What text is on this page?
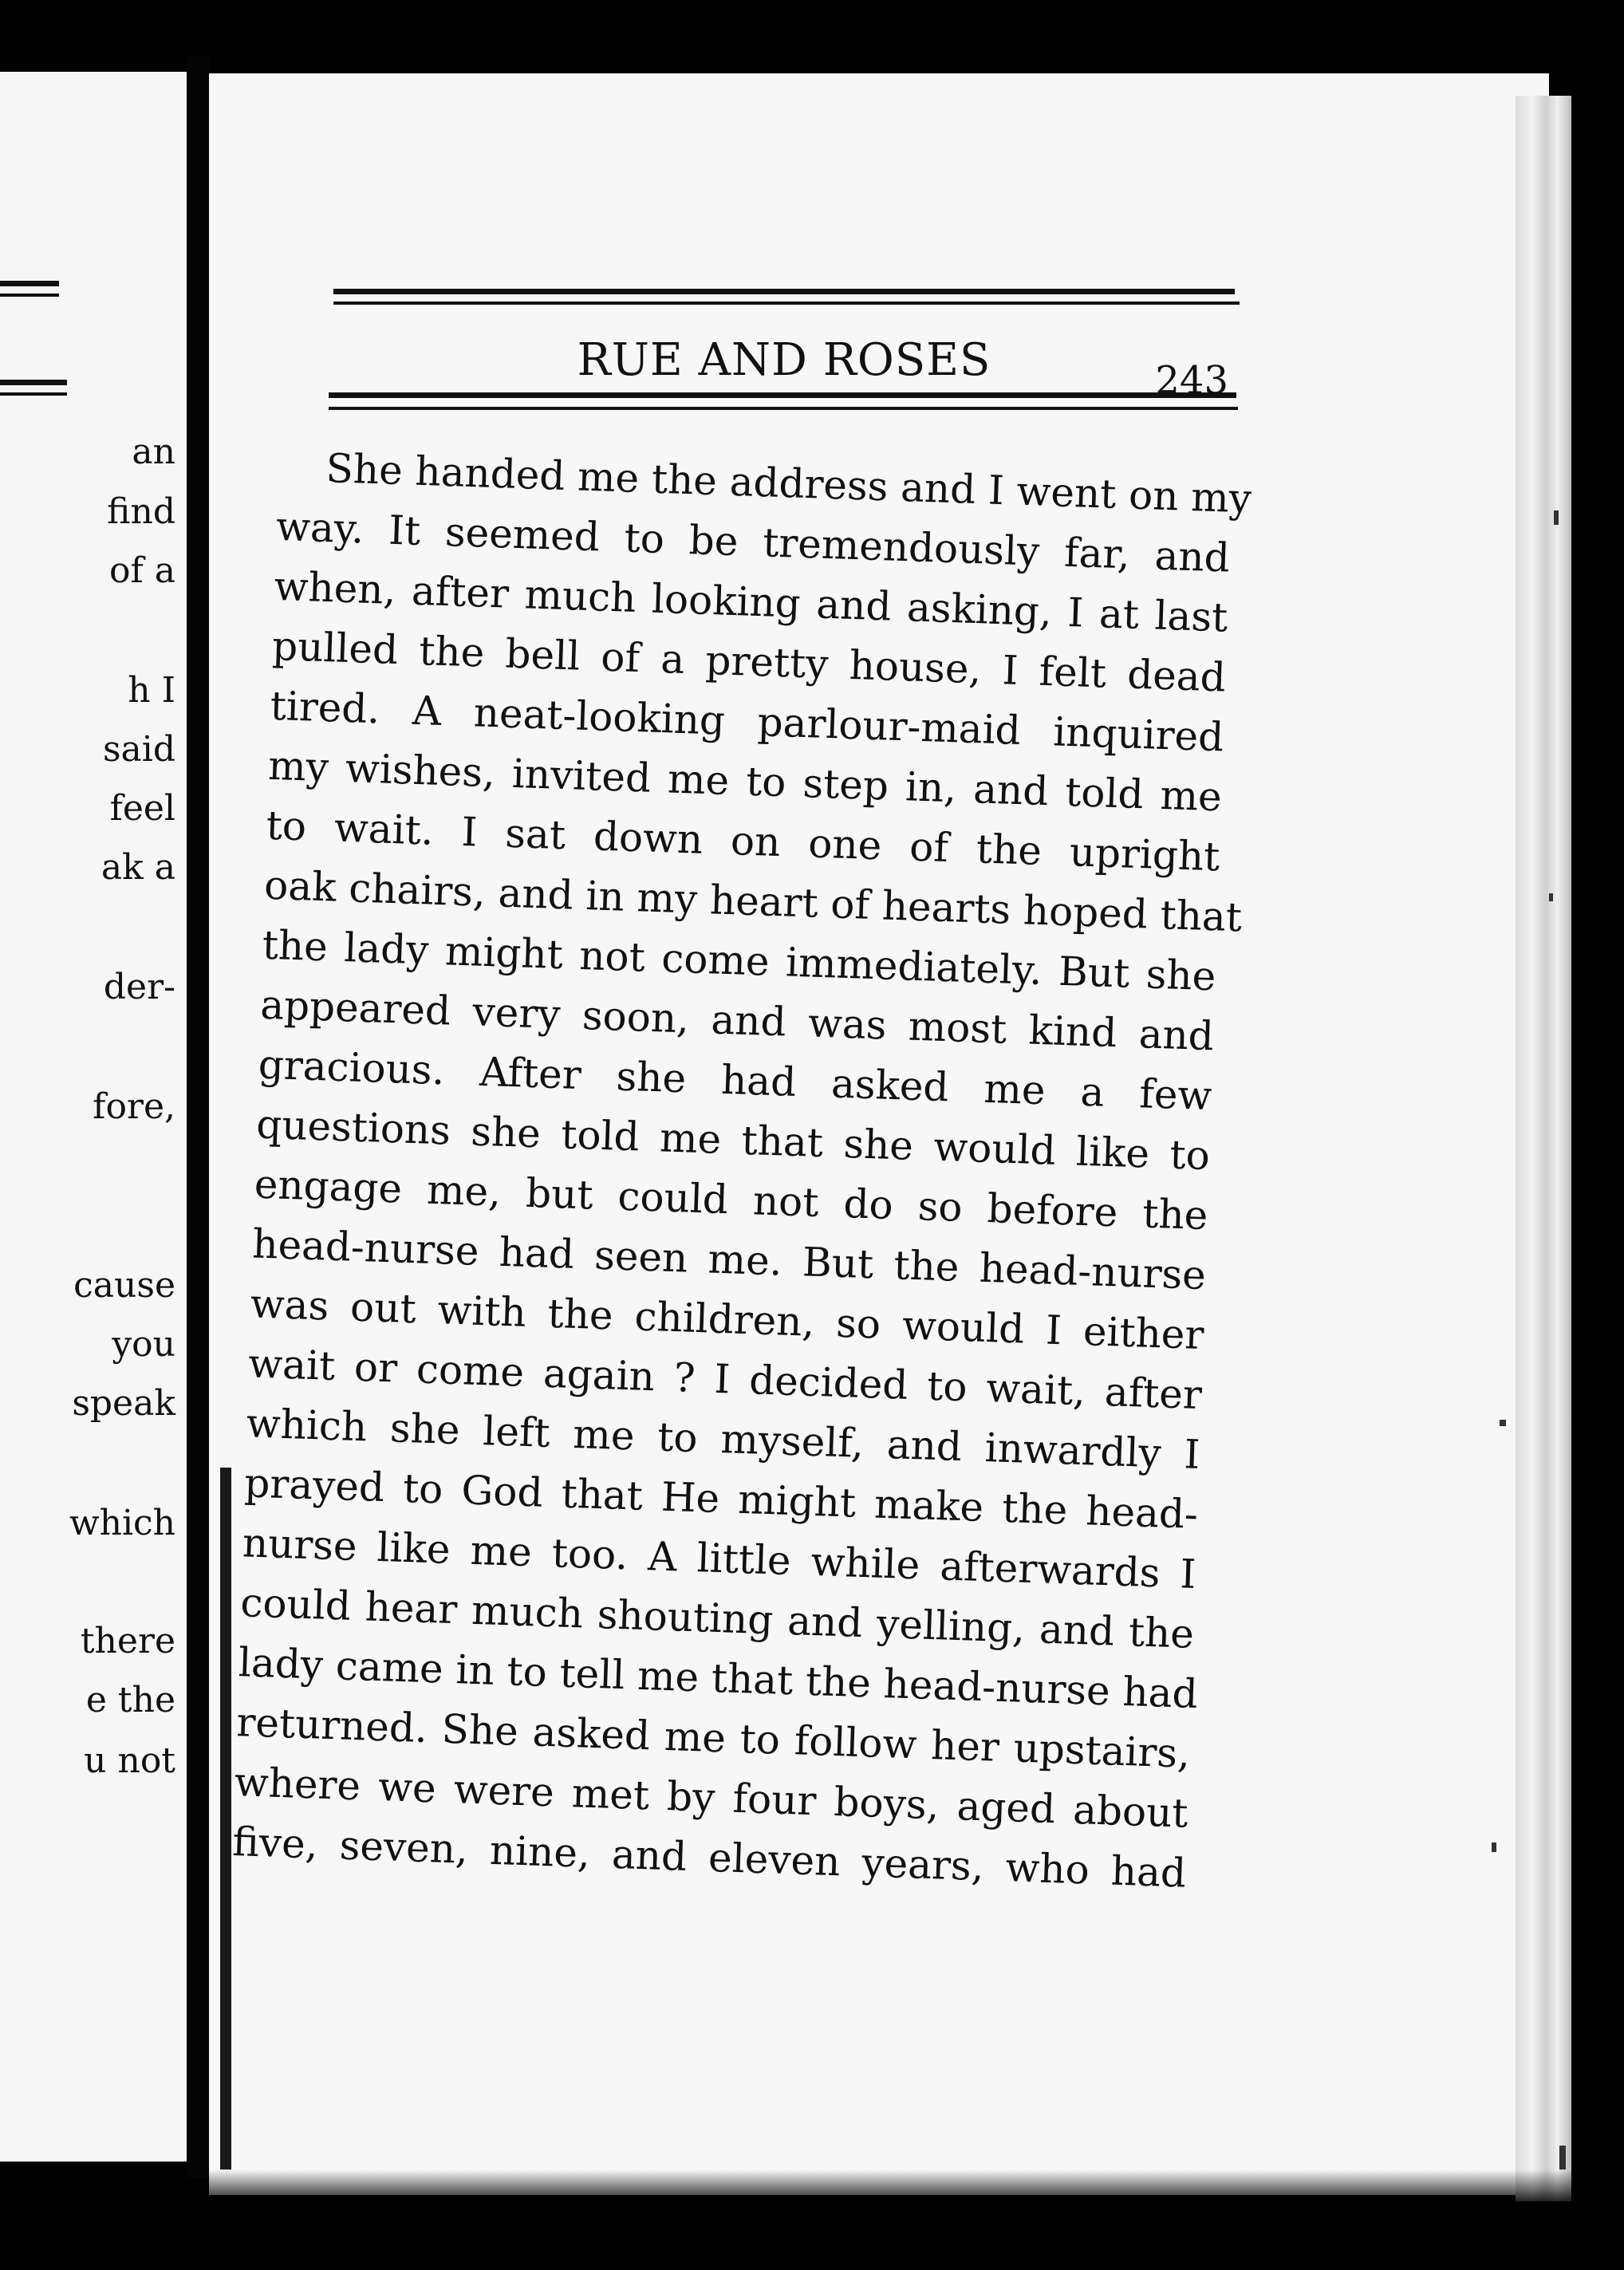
an
find
of a
h I
said
feel
ak a
der-
fore,
cause
you
speak
which
there
e the
u not
RUE AND ROSES	243
She handed me the address and I went on my
way. It seemed to be tremendously far, and
when, after much looking and asking, I at last
pulled the bell of a pretty house, I felt dead
tired. A neat-looking parlour-maid inquired
my wishes, invited me to step in, and told me
to wait. I sat down on one of the upright
oak chairs, and in my heart of hearts hoped that
the lady might not come immediately. But she
appeared very soon, and was most kind and
gracious. After she had asked me a few
questions she told me that she would like to
engage me, but could not do so before the
head-nurse had seen me. But the head-nurse
was out with the children, so would I either
wait or come again ? I decided to wait, after
which she left me to myself, and inwardly I
prayed to God that He might make the head-
nurse like me too. A little while afterwards I
could hear much shouting and yelling, and the
lady came in to tell me that the head-nurse had
returned. She asked me to follow her upstairs,
where we were met by four boys, aged about
five, seven, nine, and eleven years, who had
